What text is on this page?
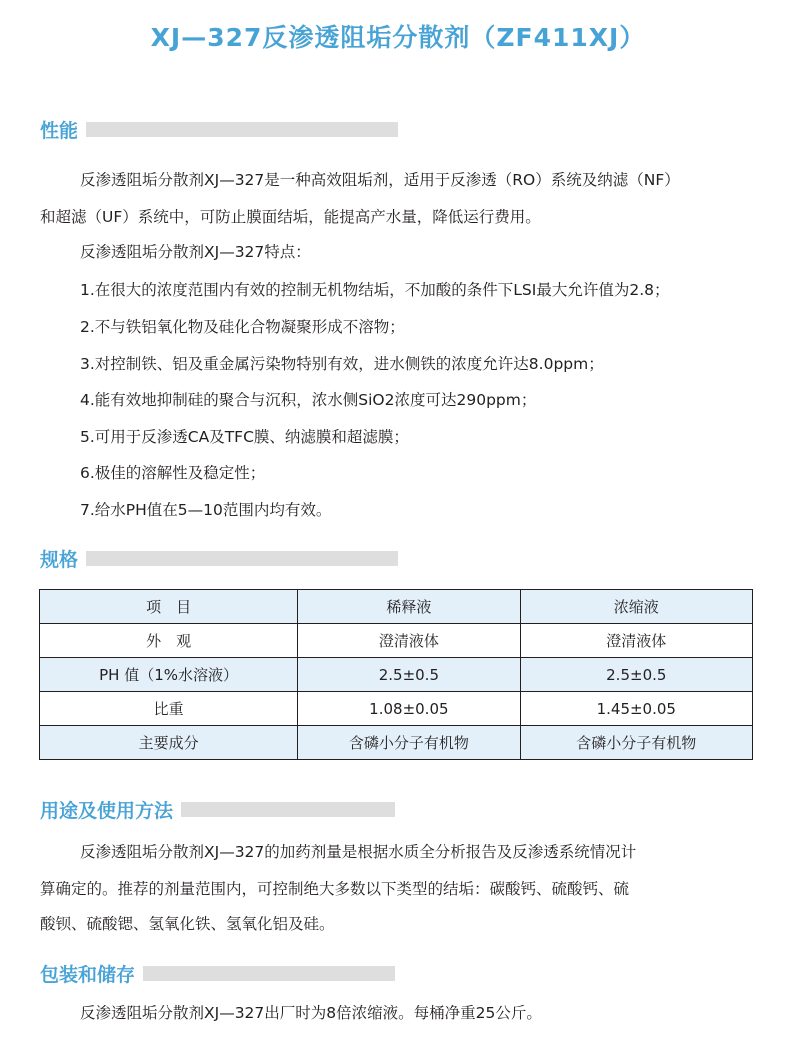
XJ—327反渗透阻垢分散剂（ZF411XJ）
性能
反渗透阻垢分散剂XJ—327是一种高效阻垢剂，适用于反渗透（RO）系统及纳滤（NF）
和超滤（UF）系统中，可防止膜面结垢，能提高产水量，降低运行费用。
反渗透阻垢分散剂XJ—327特点：
1.在很大的浓度范围内有效的控制无机物结垢，不加酸的条件下LSI最大允许值为2.8；
2.不与铁铝氧化物及硅化合物凝聚形成不溶物；
3.对控制铁、铝及重金属污染物特别有效，进水侧铁的浓度允许达8.0ppm；
4.能有效地抑制硅的聚合与沉积，浓水侧SiO2浓度可达290ppm；
5.可用于反渗透CA及TFC膜、纳滤膜和超滤膜；
6.极佳的溶解性及稳定性；
7.给水PH值在5—10范围内均有效。
规格
项　目	稀释液	浓缩液
外　观	澄清液体	澄清液体
PH 值（1%水溶液）	2.5±0.5	2.5±0.5
比重	1.08±0.05	1.45±0.05
主要成分	含磷小分子有机物	含磷小分子有机物
用途及使用方法
反渗透阻垢分散剂XJ—327的加药剂量是根据水质全分析报告及反渗透系统情况计
算确定的。推荐的剂量范围内，可控制绝大多数以下类型的结垢：碳酸钙、硫酸钙、硫
酸钡、硫酸锶、氢氧化铁、氢氧化铝及硅。
包装和储存
反渗透阻垢分散剂XJ—327出厂时为8倍浓缩液。每桶净重25公斤。
